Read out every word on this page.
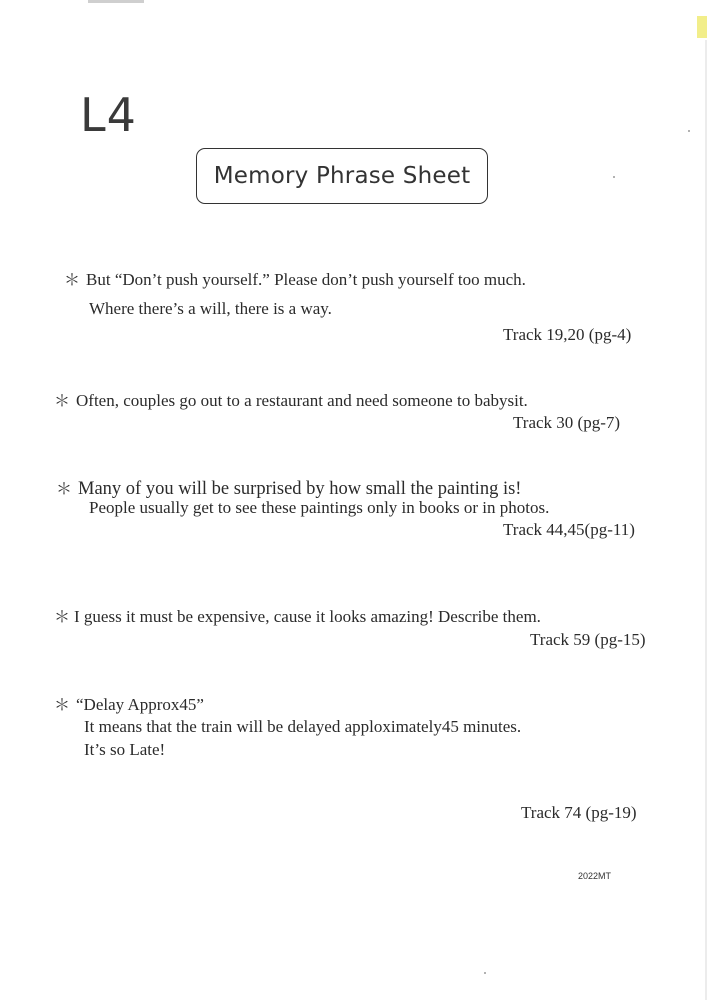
L4
Memory Phrase Sheet
＊ But “Don’t push yourself.” Please don’t push yourself too much.
Where there’s a will, there is a way.
Track 19,20 (pg-4)
＊ Often, couples go out to a restaurant and need someone to babysit.
Track 30 (pg-7)
＊ Many of you will be surprised by how small the painting is!
People usually get to see these paintings only in books or in photos.
Track 44,45(pg-11)
＊ I guess it must be expensive, cause it looks amazing! Describe them.
Track 59 (pg-15)
＊ “Delay Approx45”
It means that the train will be delayed apploximately45 minutes.
It’s so Late!
Track 74 (pg-19)
2022MT
